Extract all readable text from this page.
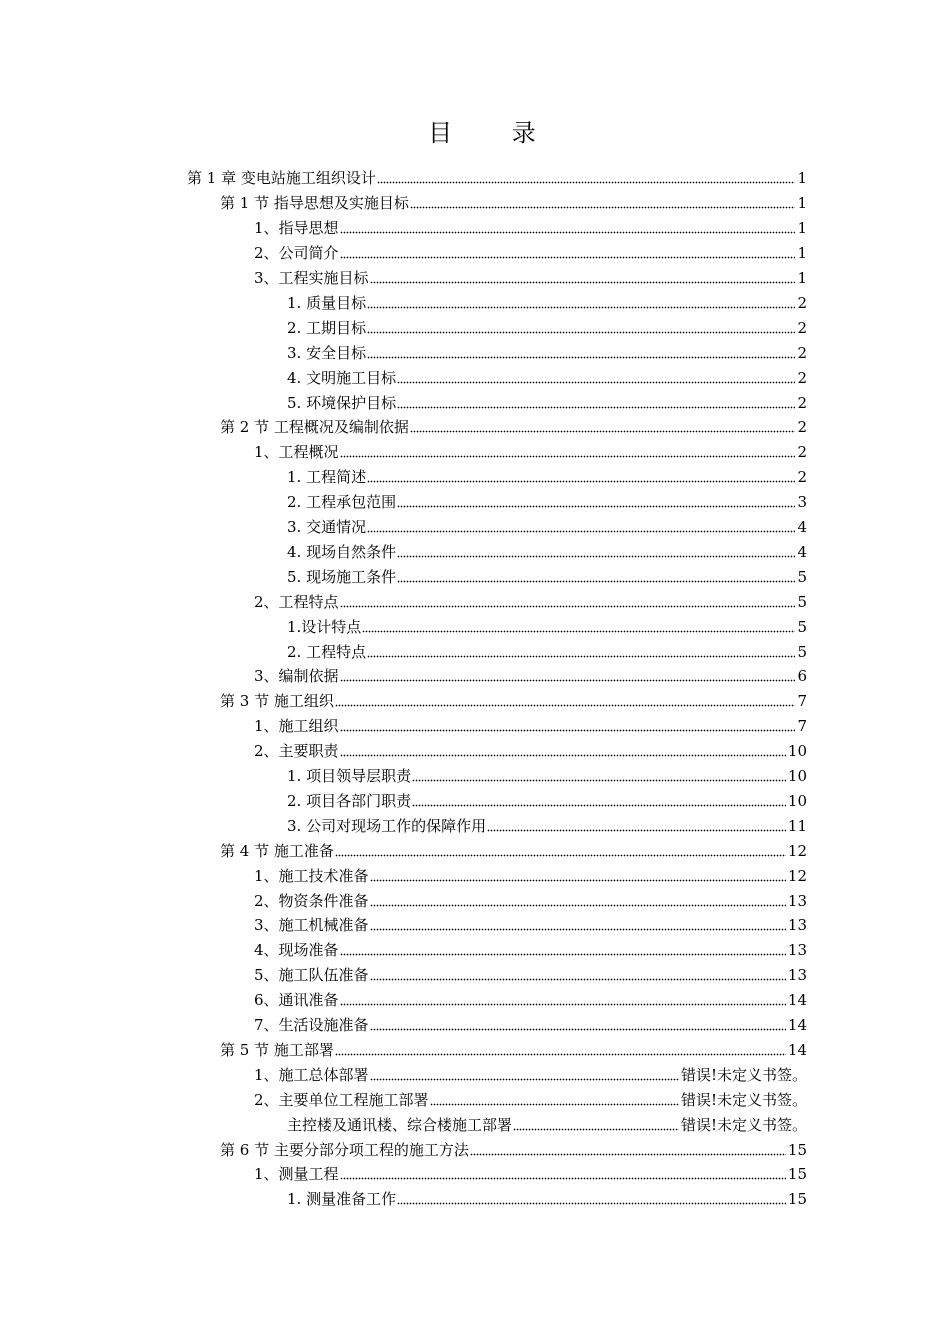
目 录
第 1 章 变电站施工组织设计	1
第 1 节 指导思想及实施目标	1
1、指导思想	1
2、公司简介	1
3、工程实施目标	1
1. 质量目标	2
2. 工期目标	2
3. 安全目标	2
4. 文明施工目标	2
5. 环境保护目标	2
第 2 节 工程概况及编制依据	2
1、工程概况	2
1. 工程简述	2
2. 工程承包范围	3
3. 交通情况	4
4. 现场自然条件	4
5. 现场施工条件	5
2、工程特点	5
1.设计特点	5
2. 工程特点	5
3、编制依据	6
第 3 节 施工组织	7
1、施工组织	7
2、主要职责	10
1. 项目领导层职责	10
2. 项目各部门职责	10
3. 公司对现场工作的保障作用	11
第 4 节 施工准备	12
1、施工技术准备	12
2、物资条件准备	13
3、施工机械准备	13
4、现场准备	13
5、施工队伍准备	13
6、通讯准备	14
7、生活设施准备	14
第 5 节 施工部署	14
1、施工总体部署	错误!未定义书签。
2、主要单位工程施工部署	错误!未定义书签。
主控楼及通讯楼、综合楼施工部署	错误!未定义书签。
第 6 节 主要分部分项工程的施工方法	15
1、测量工程	15
1. 测量准备工作	15
